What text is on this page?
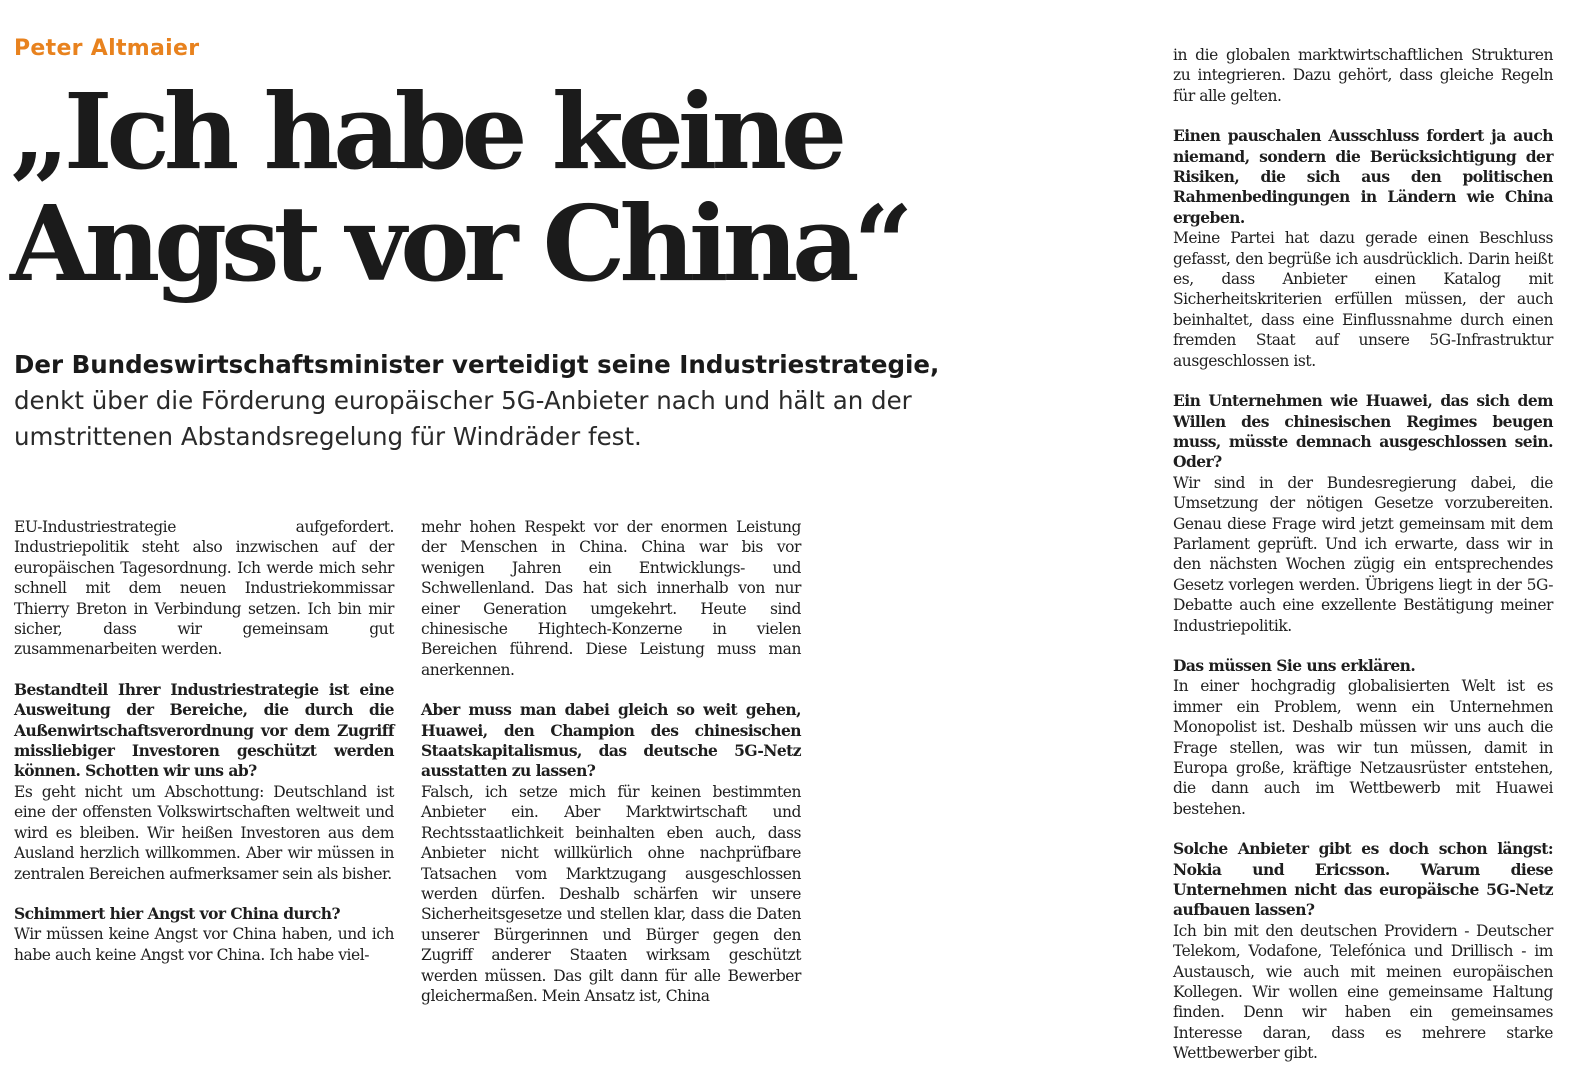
Peter Altmaier
„Ich habe keine
Angst vor China“
Der Bundeswirtschaftsminister verteidigt seine Industriestrategie,
denkt über die Förderung europäischer 5G-Anbieter nach und hält an der umstrittenen Abstandsregelung für Windräder fest.

EU-Industriestrategie aufgefordert. Industriepolitik steht also inzwischen auf der europäischen Tagesordnung. Ich werde mich sehr schnell mit dem neuen Industriekommissar Thierry Breton in Verbindung setzen. Ich bin mir sicher, dass wir gemeinsam gut zusammenarbeiten werden.

Bestandteil Ihrer Industriestrategie ist eine Ausweitung der Bereiche, die durch die Außenwirtschaftsverordnung vor dem Zugriff missliebiger Investoren geschützt werden können. Schotten wir uns ab?
Es geht nicht um Abschottung: Deutschland ist eine der offensten Volkswirtschaften weltweit und wird es bleiben. Wir heißen Investoren aus dem Ausland herzlich willkommen. Aber wir müssen in zentralen Bereichen aufmerksamer sein als bisher.

Schimmert hier Angst vor China durch?
Wir müssen keine Angst vor China haben, und ich habe auch keine Angst vor China. Ich habe viel-

mehr hohen Respekt vor der enormen Leistung der Menschen in China. China war bis vor wenigen Jahren ein Entwicklungs- und Schwellenland. Das hat sich innerhalb von nur einer Generation umgekehrt. Heute sind chinesische Hightech-Konzerne in vielen Bereichen führend. Diese Leistung muss man anerkennen.

Aber muss man dabei gleich so weit gehen, Huawei, den Champion des chinesischen Staatskapitalismus, das deutsche 5G-Netz ausstatten zu lassen?
Falsch, ich setze mich für keinen bestimmten Anbieter ein. Aber Marktwirtschaft und Rechtsstaatlichkeit beinhalten eben auch, dass Anbieter nicht willkürlich ohne nachprüfbare Tatsachen vom Marktzugang ausgeschlossen werden dürfen. Deshalb schärfen wir unsere Sicherheitsgesetze und stellen klar, dass die Daten unserer Bürgerinnen und Bürger gegen den Zugriff anderer Staaten wirksam geschützt werden müssen. Das gilt dann für alle Bewerber gleichermaßen. Mein Ansatz ist, China

in die globalen marktwirtschaftlichen Strukturen zu integrieren. Dazu gehört, dass gleiche Regeln für alle gelten.

Einen pauschalen Ausschluss fordert ja auch niemand, sondern die Berücksichtigung der Risiken, die sich aus den politischen Rahmenbedingungen in Ländern wie China ergeben.
Meine Partei hat dazu gerade einen Beschluss gefasst, den begrüße ich ausdrücklich. Darin heißt es, dass Anbieter einen Katalog mit Sicherheitskriterien erfüllen müssen, der auch beinhaltet, dass eine Einflussnahme durch einen fremden Staat auf unsere 5G-Infrastruktur ausgeschlossen ist.

Ein Unternehmen wie Huawei, das sich dem Willen des chinesischen Regimes beugen muss, müsste demnach ausgeschlossen sein. Oder?
Wir sind in der Bundesregierung dabei, die Umsetzung der nötigen Gesetze vorzubereiten. Genau diese Frage wird jetzt gemeinsam mit dem Parlament geprüft. Und ich erwarte, dass wir in den nächsten Wochen zügig ein entsprechendes Gesetz vorlegen werden. Übrigens liegt in der 5G-Debatte auch eine exzellente Bestätigung meiner Industriepolitik.

Das müssen Sie uns erklären.
In einer hochgradig globalisierten Welt ist es immer ein Problem, wenn ein Unternehmen Monopolist ist. Deshalb müssen wir uns auch die Frage stellen, was wir tun müssen, damit in Europa große, kräftige Netzausrüster entstehen, die dann auch im Wettbewerb mit Huawei bestehen.

Solche Anbieter gibt es doch schon längst: Nokia und Ericsson. Warum diese Unternehmen nicht das europäische 5G-Netz aufbauen lassen?
Ich bin mit den deutschen Providern - Deutscher Telekom, Vodafone, Telefónica und Drillisch - im Austausch, wie auch mit meinen europäischen Kollegen. Wir wollen eine gemeinsame Haltung finden. Denn wir haben ein gemeinsames Interesse daran, dass es mehrere starke Wettbewerber gibt.
